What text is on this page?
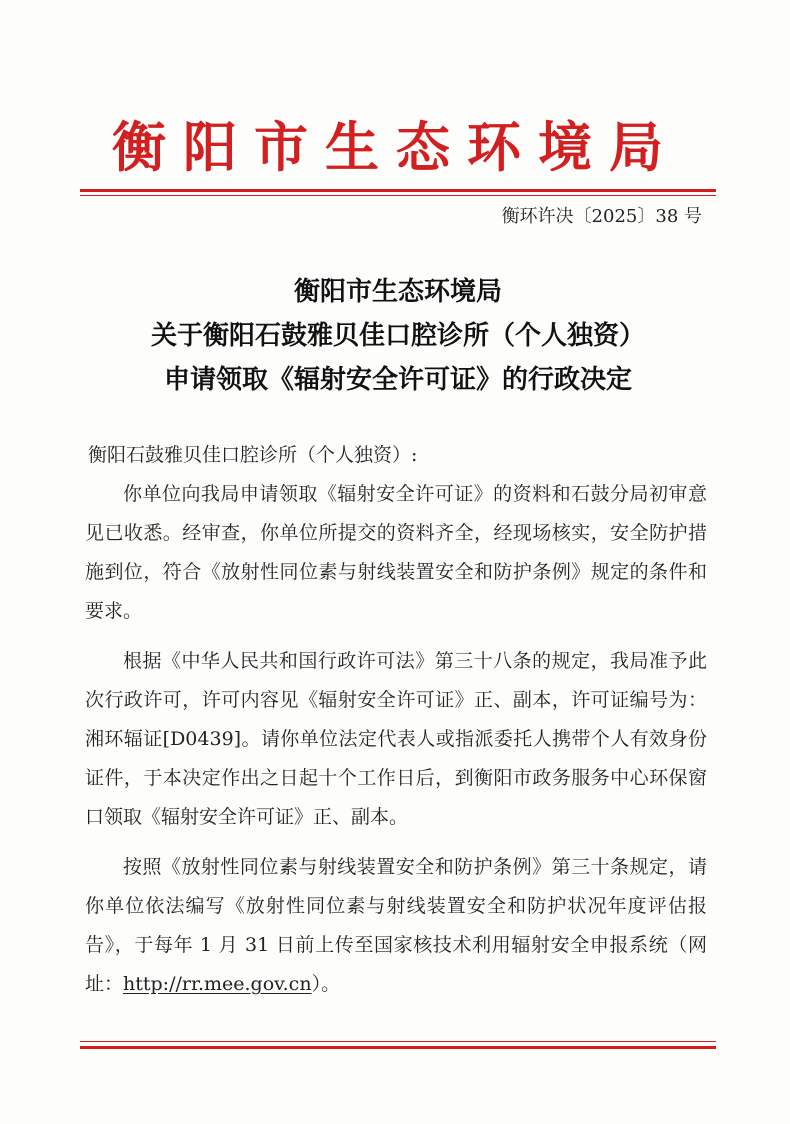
衡阳市生态环境局
衡环许决〔2025〕38 号
衡阳市生态环境局
关于衡阳石鼓雅贝佳口腔诊所（个人独资）
申请领取《辐射安全许可证》的行政决定

衡阳石鼓雅贝佳口腔诊所（个人独资）:

你单位向我局申请领取《辐射安全许可证》的资料和石鼓分局初审意见已收悉。经审查，你单位所提交的资料齐全，经现场核实，安全防护措施到位，符合《放射性同位素与射线装置安全和防护条例》规定的条件和要求。

根据《中华人民共和国行政许可法》第三十八条的规定，我局准予此次行政许可，许可内容见《辐射安全许可证》正、副本，许可证编号为：湘环辐证[D0439]。请你单位法定代表人或指派委托人携带个人有效身份证件，于本决定作出之日起十个工作日后，到衡阳市政务服务中心环保窗口领取《辐射安全许可证》正、副本。

按照《放射性同位素与射线装置安全和防护条例》第三十条规定，请你单位依法编写《放射性同位素与射线装置安全和防护状况年度评估报告》，于每年 1 月 31 日前上传至国家核技术利用辐射安全申报系统（网址：http://rr.mee.gov.cn）。
